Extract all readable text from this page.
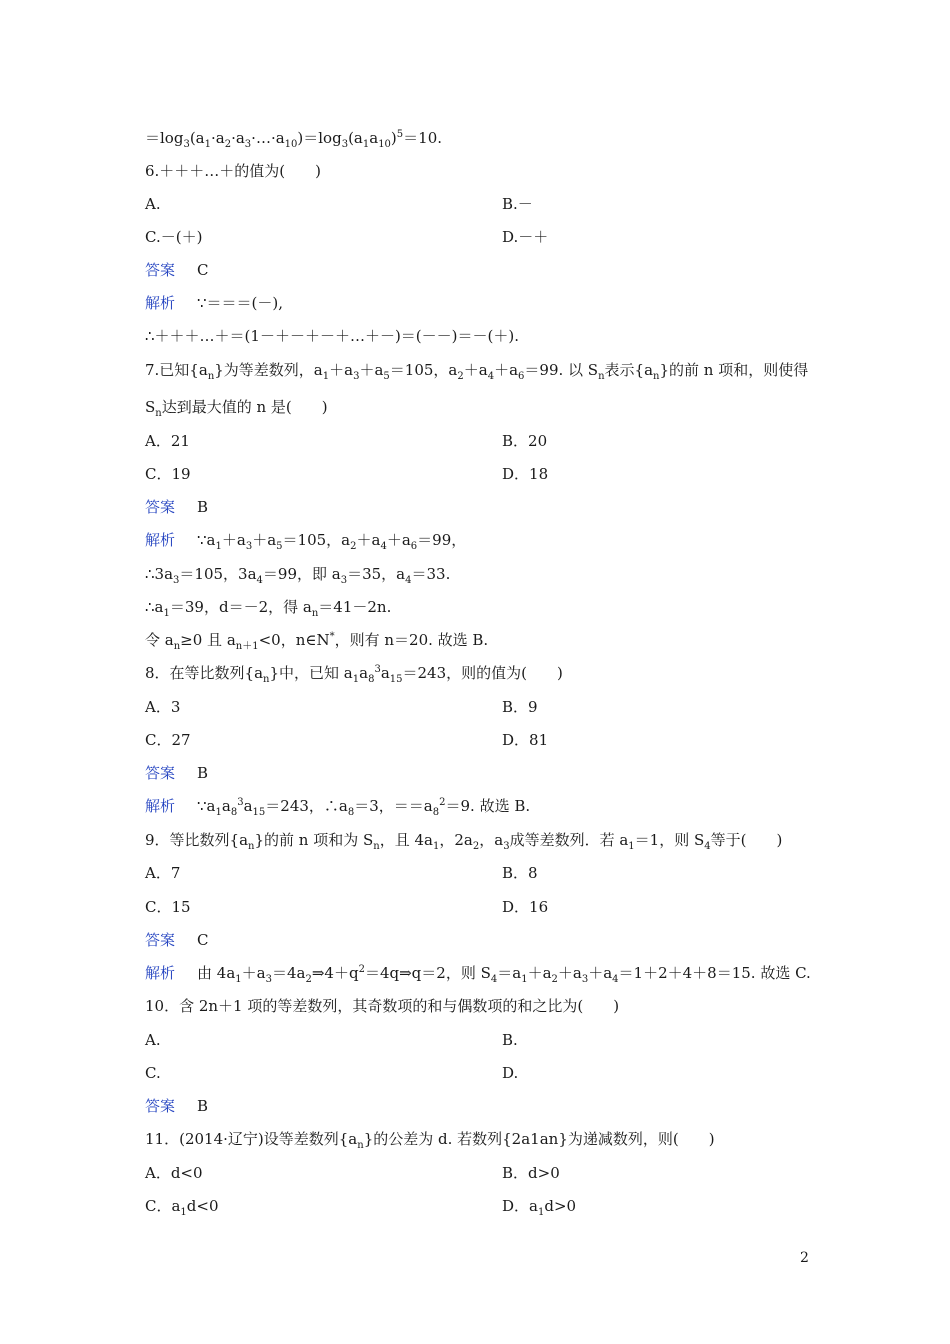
$=\log_3(a_1\cdot a_2\cdot a_3\cdot\dots\cdot a_{10})=\log_3(a_1a_{10})^5=10$.
6.＋＋＋…＋的值为(　　)
A.	B.－
C.－(＋)	D.－＋
答案 C
解析 ∵＝＝＝(－),
∴＋＋＋…＋＝(1－＋－＋－＋…＋－)＝(－－)＝－(＋).
7.已知$\{a_n\}$为等差数列，$a_1+a_3+a_5=105$，$a_2+a_4+a_6=99$. 以 $S_n$表示$\{a_n\}$的前 n 项和，则使得
$S_n$达到最大值的 n 是(　　)
A．21	B．20
C．19	D．18
答案 B
解析 $\because a_1+a_3+a_5=105$，$a_2+a_4+a_6=99$，
$\therefore 3a_3=105$，$3a_4=99$，即 $a_3=35$，$a_4=33$.
$\therefore a_1=39$，d＝－2，得 $a_n=41-2n$.
令 $a_n\ge 0$ 且 $a_{n+1}<0$，n∈N*，则有 n＝20. 故选 B.
8．在等比数列$\{a_n\}$中，已知 $a_1a_8^3a_{15}=243$，则的值为(　　)
A．3	B．9
C．27	D．81
答案 B
解析 $\because a_1a_8^3a_{15}=243$，$\therefore a_8=3$，$==a_8^2=9$. 故选 B.
9．等比数列$\{a_n\}$的前 n 项和为 $S_n$，且 $4a_1$，$2a_2$，$a_3$成等差数列．若 $a_1=1$，则 $S_4$等于(　　)
A．7	B．8
C．15	D．16
答案 C
解析 由 $4a_1+a_3=4a_2\Rightarrow 4+q^2=4q\Rightarrow q=2$，则 $S_4=a_1+a_2+a_3+a_4=1+2+4+8=15$. 故选 C.
10．含 2n＋1 项的等差数列，其奇数项的和与偶数项的和之比为(　　)
A.	B.
C.	D.
答案 B
11．(2014·辽宁)设等差数列$\{a_n\}$的公差为 d. 若数列{2a1an}为递减数列，则(　　)
A．d<0	B．d>0
C．$a_1d<0$	D．$a_1d>0$
2
